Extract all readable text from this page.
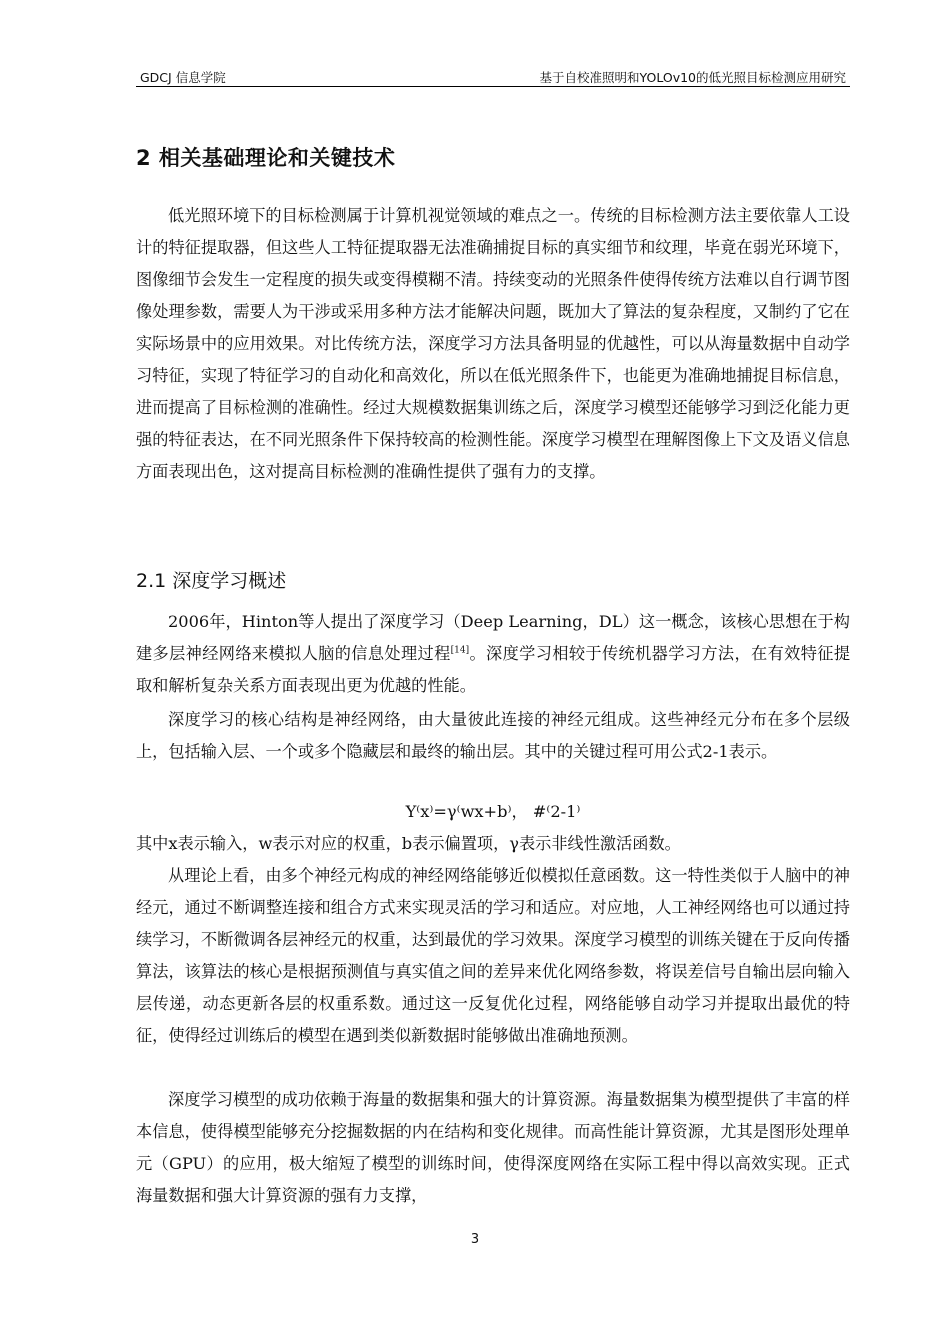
GDCJ 信息学院	基于自校准照明和YOLOv10的低光照目标检测应用研究
2 相关基础理论和关键技术

低光照环境下的目标检测属于计算机视觉领域的难点之一。传统的目标检测方法主要依靠人工设计的特征提取器，但这些人工特征提取器无法准确捕捉目标的真实细节和纹理，毕竟在弱光环境下，图像细节会发生一定程度的损失或变得模糊不清。持续变动的光照条件使得传统方法难以自行调节图像处理参数，需要人为干涉或采用多种方法才能解决问题，既加大了算法的复杂程度，又制约了它在实际场景中的应用效果。对比传统方法，深度学习方法具备明显的优越性，可以从海量数据中自动学习特征，实现了特征学习的自动化和高效化，所以在低光照条件下，也能更为准确地捕捉目标信息，进而提高了目标检测的准确性。经过大规模数据集训练之后，深度学习模型还能够学习到泛化能力更强的特征表达，在不同光照条件下保持较高的检测性能。深度学习模型在理解图像上下文及语义信息方面表现出色，这对提高目标检测的准确性提供了强有力的支撑。

2.1 深度学习概述

2006年，Hinton等人提出了深度学习（Deep Learning，DL）这一概念，该核心思想在于构建多层神经网络来模拟人脑的信息处理过程[14]。深度学习相较于传统机器学习方法，在有效特征提取和解析复杂关系方面表现出更为优越的性能。

深度学习的核心结构是神经网络，由大量彼此连接的神经元组成。这些神经元分布在多个层级上，包括输入层、一个或多个隐藏层和最终的输出层。其中的关键过程可用公式2-1表示。

Y⁽x⁾=γ⁽wx+b⁾， #⁽2-1⁾

其中x表示输入，w表示对应的权重，b表示偏置项，γ表示非线性激活函数。

从理论上看，由多个神经元构成的神经网络能够近似模拟任意函数。这一特性类似于人脑中的神经元，通过不断调整连接和组合方式来实现灵活的学习和适应。对应地，人工神经网络也可以通过持续学习，不断微调各层神经元的权重，达到最优的学习效果。深度学习模型的训练关键在于反向传播算法，该算法的核心是根据预测值与真实值之间的差异来优化网络参数，将误差信号自输出层向输入层传递，动态更新各层的权重系数。通过这一反复优化过程，网络能够自动学习并提取出最优的特征，使得经过训练后的模型在遇到类似新数据时能够做出准确地预测。

深度学习模型的成功依赖于海量的数据集和强大的计算资源。海量数据集为模型提供了丰富的样本信息，使得模型能够充分挖掘数据的内在结构和变化规律。而高性能计算资源，尤其是图形处理单元（GPU）的应用，极大缩短了模型的训练时间，使得深度网络在实际工程中得以高效实现。正式海量数据和强大计算资源的强有力支撑，

3
